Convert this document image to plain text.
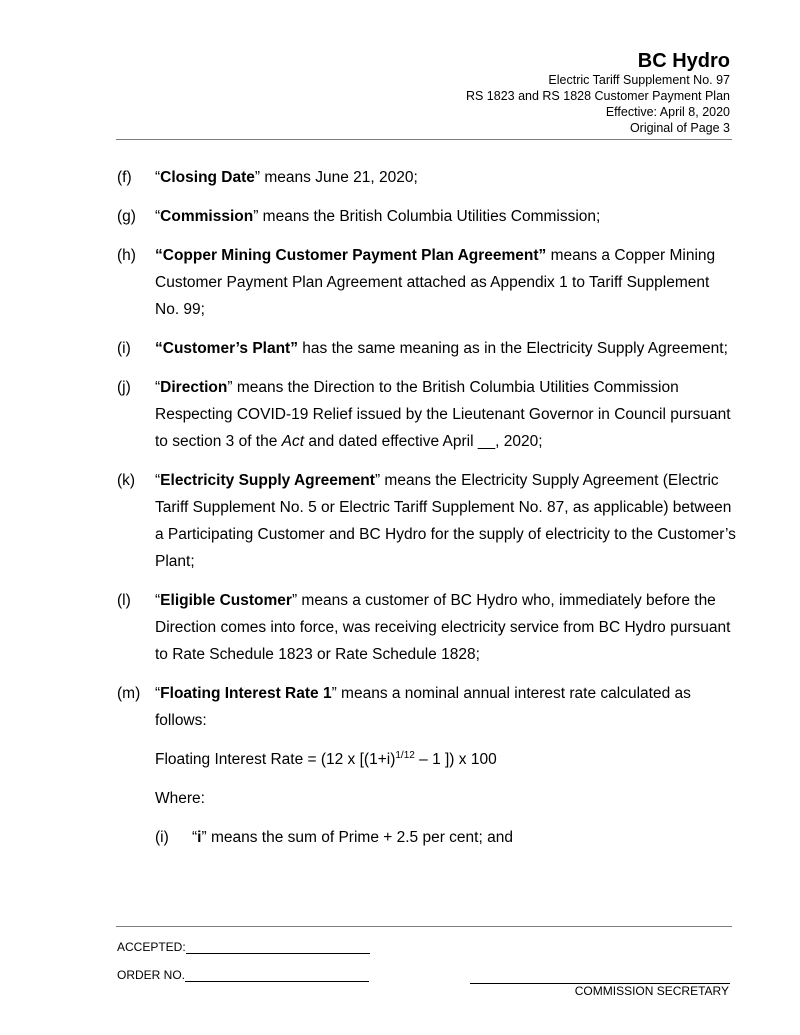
BC Hydro
Electric Tariff Supplement No. 97
RS 1823 and RS 1828 Customer Payment Plan
Effective: April 8, 2020
Original of Page 3
(f) “Closing Date” means June 21, 2020;

(g) “Commission” means the British Columbia Utilities Commission;

(h) “Copper Mining Customer Payment Plan Agreement” means a Copper Mining Customer Payment Plan Agreement attached as Appendix 1 to Tariff Supplement No. 99;

(i) “Customer’s Plant” has the same meaning as in the Electricity Supply Agreement;

(j) “Direction” means the Direction to the British Columbia Utilities Commission Respecting COVID-19 Relief issued by the Lieutenant Governor in Council pursuant to section 3 of the Act and dated effective April __, 2020;

(k) “Electricity Supply Agreement” means the Electricity Supply Agreement (Electric Tariff Supplement No. 5 or Electric Tariff Supplement No. 87, as applicable) between a Participating Customer and BC Hydro for the supply of electricity to the Customer’s Plant;

(l) “Eligible Customer” means a customer of BC Hydro who, immediately before the Direction comes into force, was receiving electricity service from BC Hydro pursuant to Rate Schedule 1823 or Rate Schedule 1828;

(m) “Floating Interest Rate 1” means a nominal annual interest rate calculated as follows:

Floating Interest Rate = (12 x [$(1+i)^{1/12} - 1$ ]) x 100
Where:
(i) “i” means the sum of Prime + 2.5 per cent; and
ACCEPTED:
ORDER NO.
COMMISSION SECRETARY
